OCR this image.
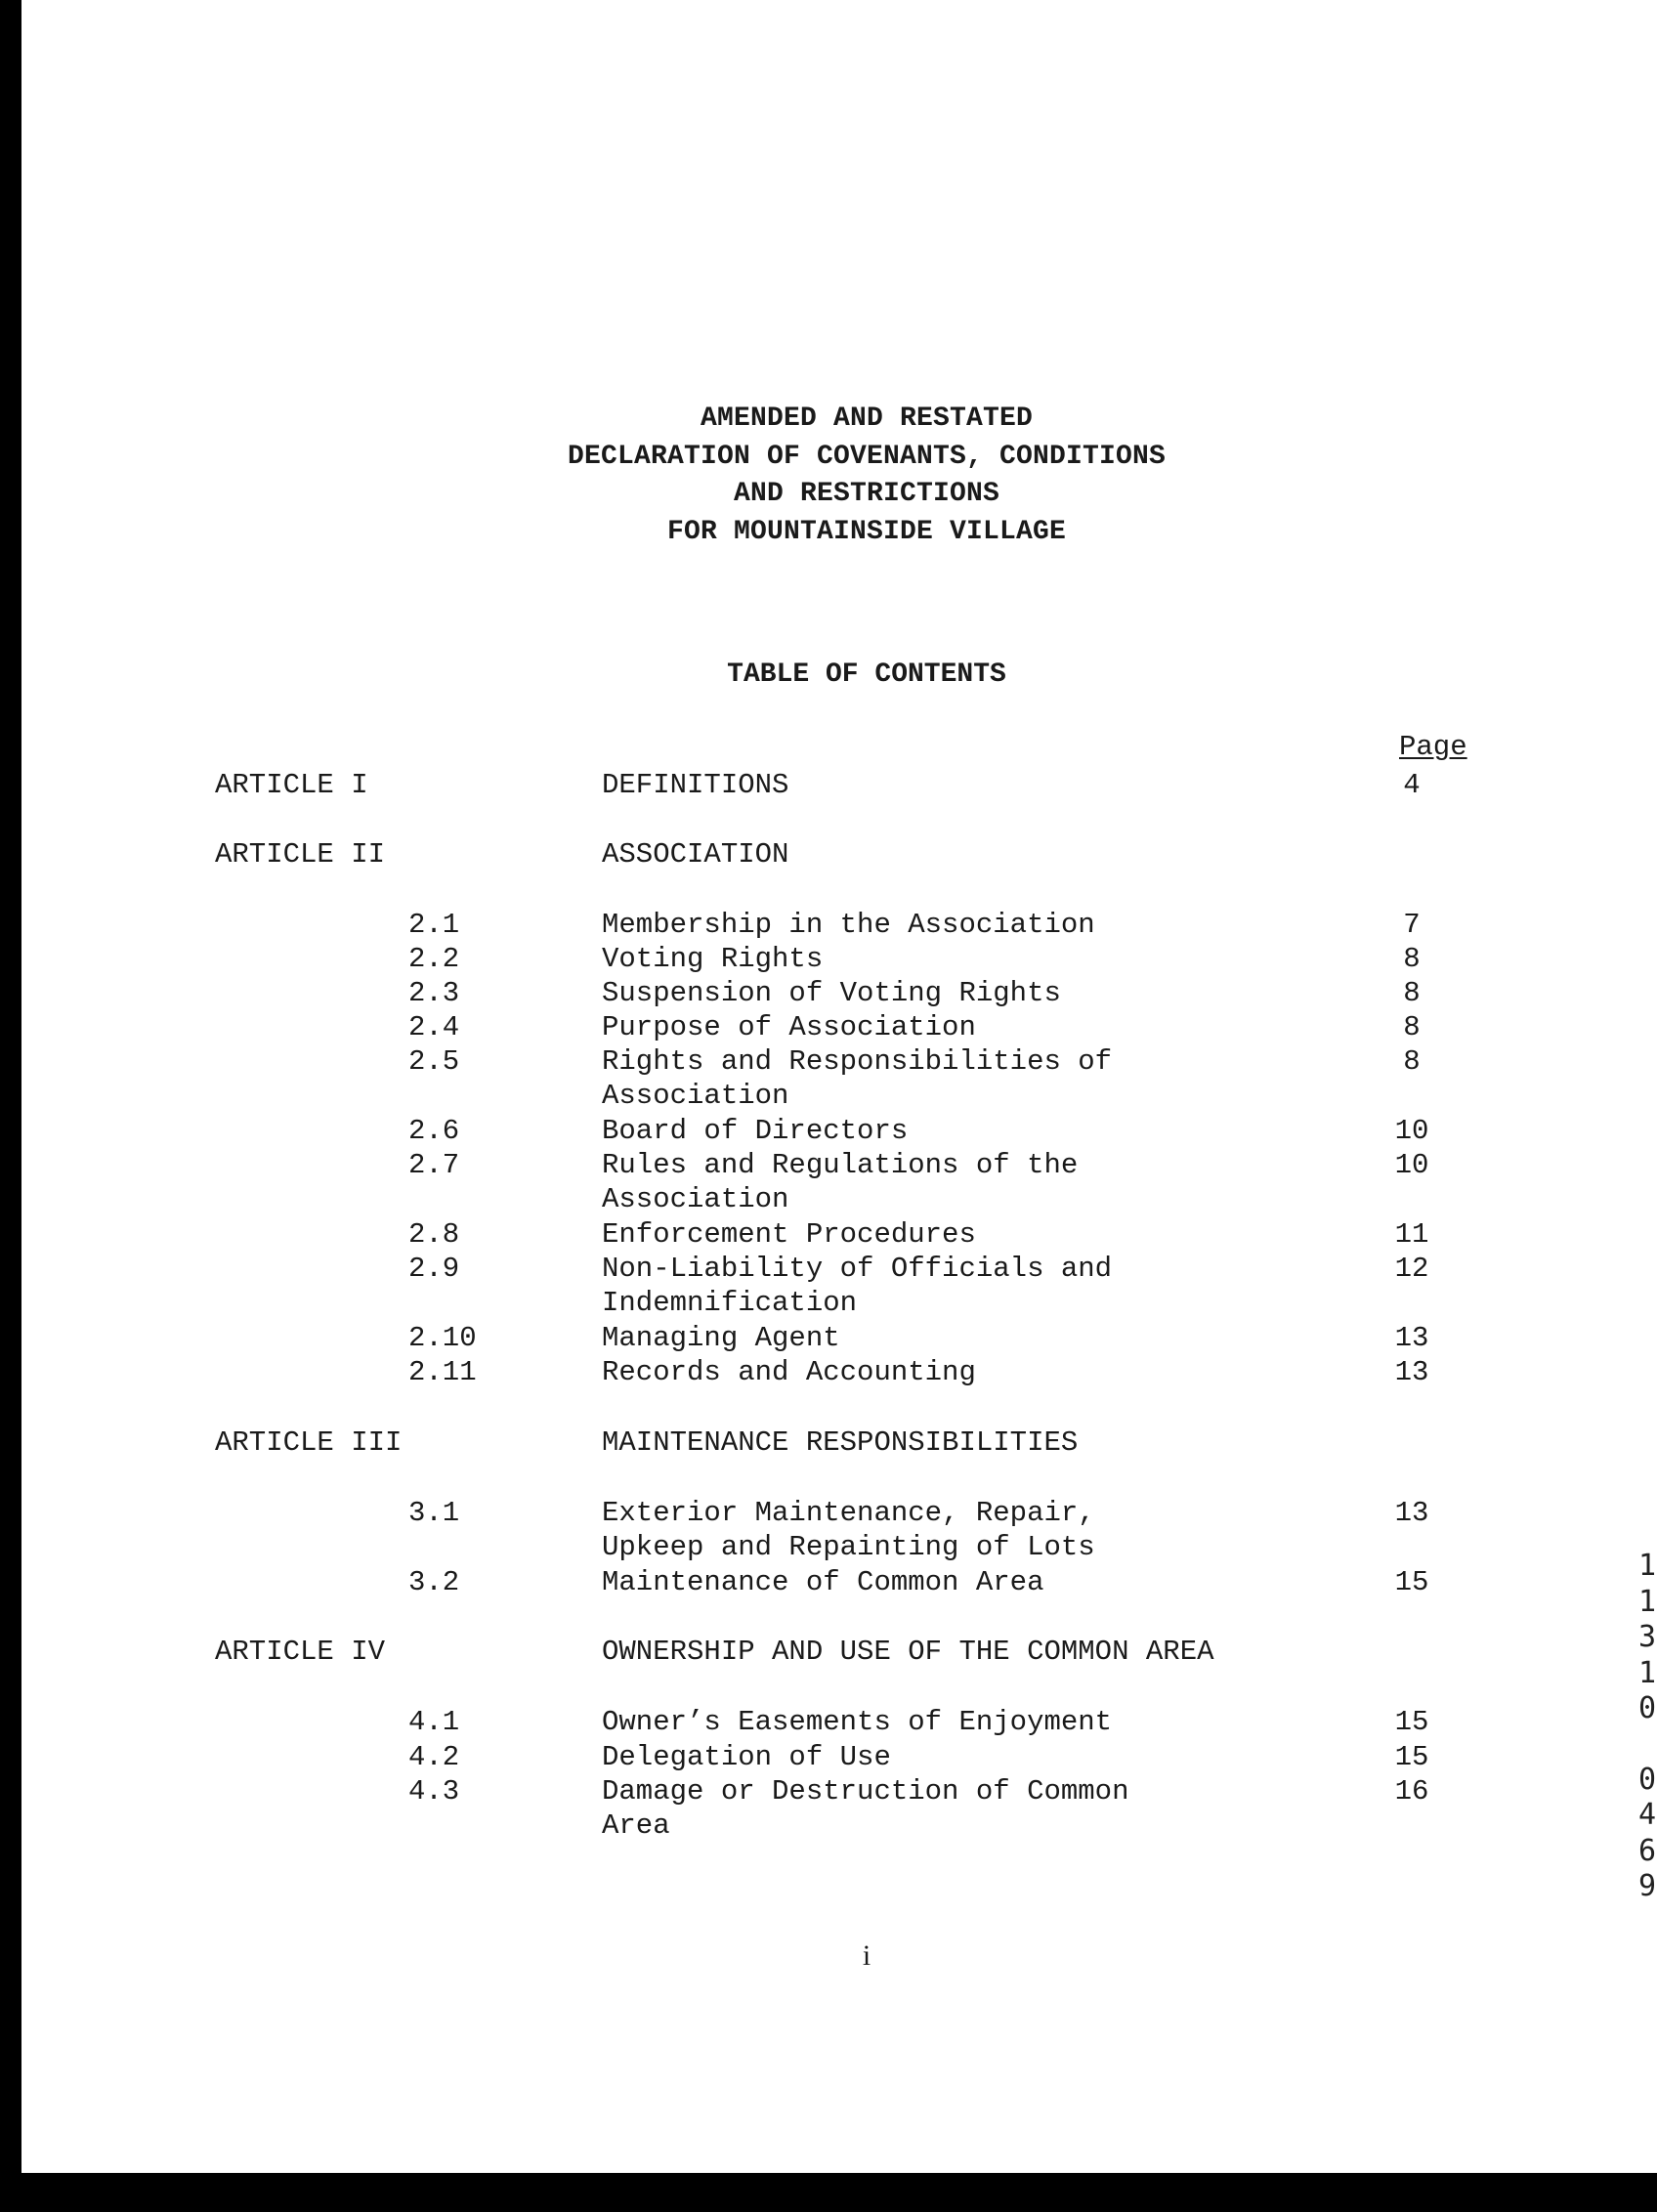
AMENDED AND RESTATED
DECLARATION OF COVENANTS, CONDITIONS
AND RESTRICTIONS
FOR MOUNTAINSIDE VILLAGE
TABLE OF CONTENTS
Page
ARTICLE I	DEFINITIONS	4
ARTICLE II	ASSOCIATION
2.1	Membership in the Association	7
2.2	Voting Rights	8
2.3	Suspension of Voting Rights	8
2.4	Purpose of Association	8
2.5	Rights and Responsibilities of	8
Association
2.6	Board of Directors	10
2.7	Rules and Regulations of the	10
Association
2.8	Enforcement Procedures	11
2.9	Non-Liability of Officials and	12
Indemnification
2.10	Managing Agent	13
2.11	Records and Accounting	13
ARTICLE III	MAINTENANCE RESPONSIBILITIES
3.1	Exterior Maintenance, Repair,	13
Upkeep and Repainting of Lots
3.2	Maintenance of Common Area	15
ARTICLE IV	OWNERSHIP AND USE OF THE COMMON AREA
4.1	Owner’s Easements of Enjoyment	15
4.2	Delegation of Use	15
4.3	Damage or Destruction of Common	16
Area
1
1
3
1
0
0
4
6
9
i
